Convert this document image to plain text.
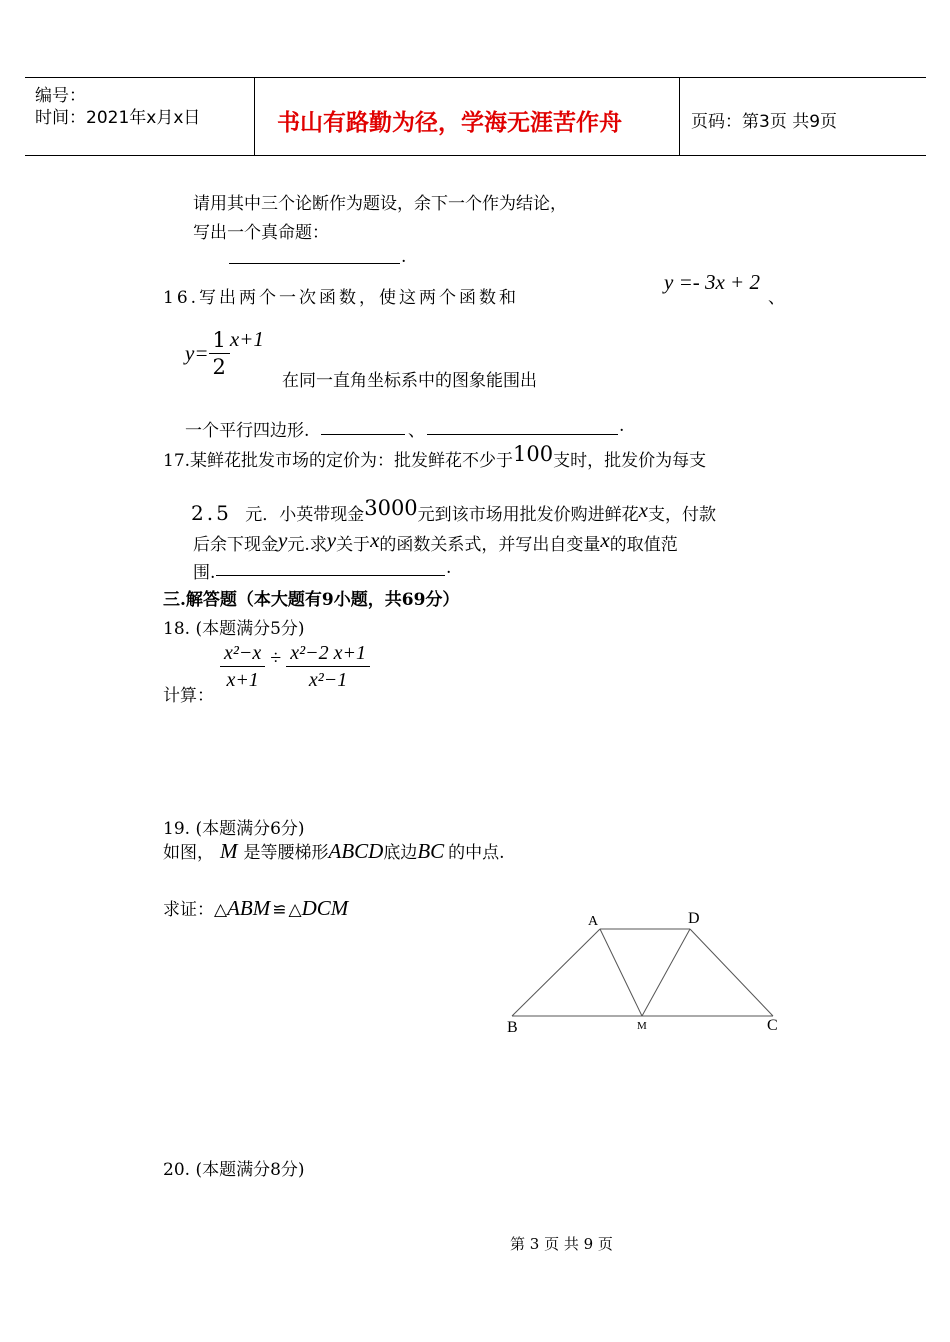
编号：
时间：2021年x月x日	书山有路勤为径，学海无涯苦作舟	页码：第3页 共9页
请用其中三个论断作为题设，余下一个作为结论，
写出一个真命题：
.
16.写出两个一次函数，使这两个函数和
y =- 3x + 2
、
$y= \frac{1}{2} x+1$
在同一直角坐标系中的图象能围出
一个平行四边形.	、	.
17.某鲜花批发市场的定价为：批发鲜花不少于100支时，批发价为每支
2.5 元．小英带现金3000元到该市场用批发价购进鲜花x支，付款
后余下现金y元.求y关于x的函数关系式，并写出自变量x的取值范
围.	.
三.解答题（本大题有9小题，共69分）
18. (本题满分5分)
计算：
$\frac{\text{x²−x}}{x+1} \div \frac{\text{x²−2 x+1}}{\text{x²−1}}$
19. (本题满分6分)
如图， M 是等腰梯形ABCD底边BC 的中点.
求证：△ABM ≌ △DCM
A	D
B	M	C
20. (本题满分8分)
第 3 页 共 9 页
